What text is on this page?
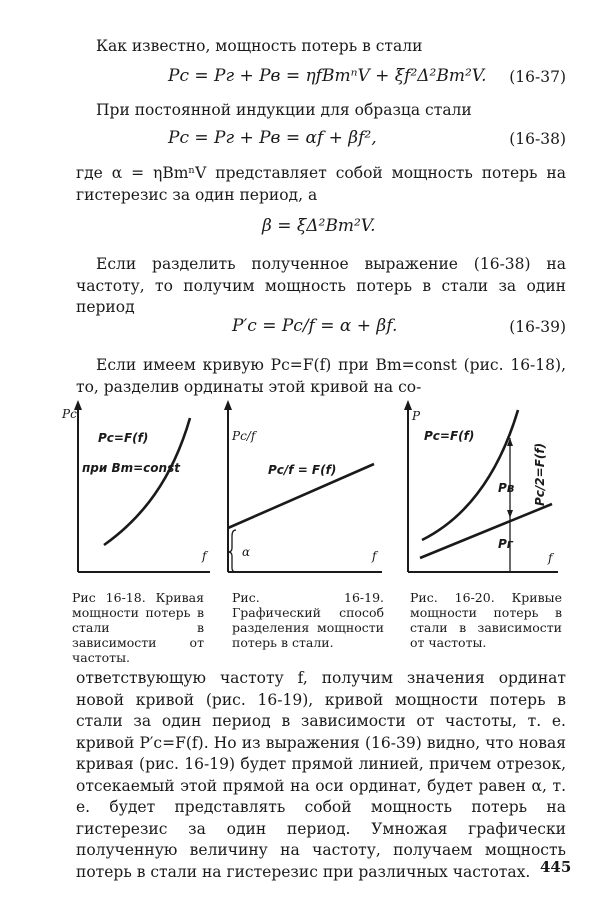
Как известно, мощность потерь в стали

Pс = Pг + Pв = ηfBmⁿV + ξf²Δ²Bm²V. (16-37)

При постоянной индукции для образца стали

Pс = Pг + Pв = αf + βf²,	(16-38)

где α = ηBmⁿV представляет собой мощность потерь на гистерезис за один период, а

β = ξΔ²Bm²V.

Если разделить полученное выражение (16-38) на частоту, то получим мощность потерь в стали за один период

P′с = Pс/f = α + βf.	(16-39)

Если имеем кривую Pс=F(f) при Bm=const (рис. 16-18), то, разделив ординаты этой кривой на со-

Pc
f
Pc=F(f)
при Bm=const
Pc/f
f
Pc/f = F(f)
α
P
f
Pc=F(f)
Pв
Pг
Pc/2=F(f)
Рис 16-18. Кривая мощности потерь в стали в зависимости от частоты.
Рис. 16-19. Графический способ разделения мощности потерь в стали.
Рис. 16-20. Кривые мощности потерь в стали в зависимости от частоты.

ответствующую частоту f, получим значения ординат новой кривой (рис. 16-19), кривой мощности потерь в стали за один период в зависимости от частоты, т. е. кривой P′с=F(f). Но из выражения (16-39) видно, что новая кривая (рис. 16-19) будет прямой линией, причем отрезок, отсекаемый этой прямой на оси ординат, будет равен α, т. е. будет представлять собой мощность потерь на гистерезис за один период. Умножая графически полученную величину на частоту, получаем мощность потерь в стали на гистерезис при различных частотах. 445
